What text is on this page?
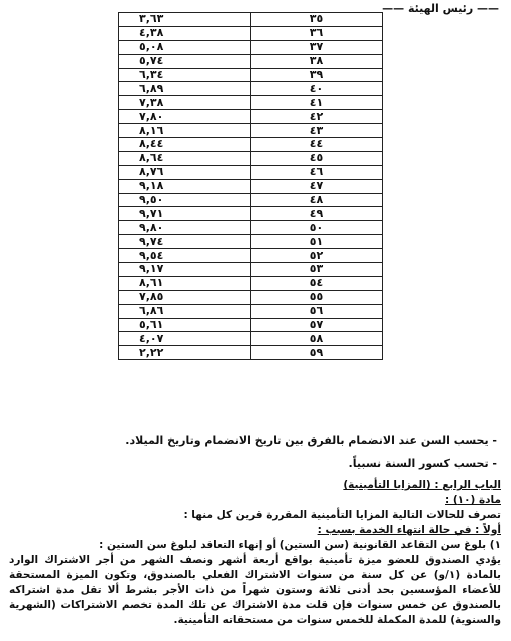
—— رئيس الهيئة ——
٣,٦٣	٣٥
٤,٣٨	٣٦
٥,٠٨	٣٧
٥,٧٤	٣٨
٦,٣٤	٣٩
٦,٨٩	٤٠
٧,٣٨	٤١
٧,٨٠	٤٢
٨,١٦	٤٣
٨,٤٤	٤٤
٨,٦٤	٤٥
٨,٧٦	٤٦
٩,١٨	٤٧
٩,٥٠	٤٨
٩,٧١	٤٩
٩,٨٠	٥٠
٩,٧٤	٥١
٩,٥٤	٥٢
٩,١٧	٥٣
٨,٦١	٥٤
٧,٨٥	٥٥
٦,٨٦	٥٦
٥,٦١	٥٧
٤,٠٧	٥٨
٢,٢٢	٥٩

- يحسب السن عند الانضمام بالفرق بين تاريخ الانضمام وتاريخ الميلاد.

- تحسب كسور السنة نسبياً.

الباب الرابع : (المزايا التأمينية)

مادة (١٠) :

تصرف للحالات التالية المزايا التأمينية المقررة قرين كل منها :

أولاً : في حالة انتهاء الخدمة بسبب :

١) بلوغ سن التقاعد القانونية (سن الستين) أو إنهاء التعاقد لبلوغ سن الستين :

يؤدي الصندوق للعضو ميزة تأمينية بواقع أربعة أشهر ونصف الشهر من أجر الاشتراك الوارد بالمادة (١/و) عن كل سنة من سنوات الاشتراك الفعلي بالصندوق، وتكون الميزة المستحقة للأعضاء المؤسسين بحد أدنى ثلاثة وستون شهراً من ذات الأجر بشرط ألا تقل مدة اشتراكه بالصندوق عن خمس سنوات فإن قلت مدة الاشتراك عن تلك المدة تخصم الاشتراكات (الشهرية والسنوية) للمدة المكملة للخمس سنوات من مستحقاته التأمينية.
